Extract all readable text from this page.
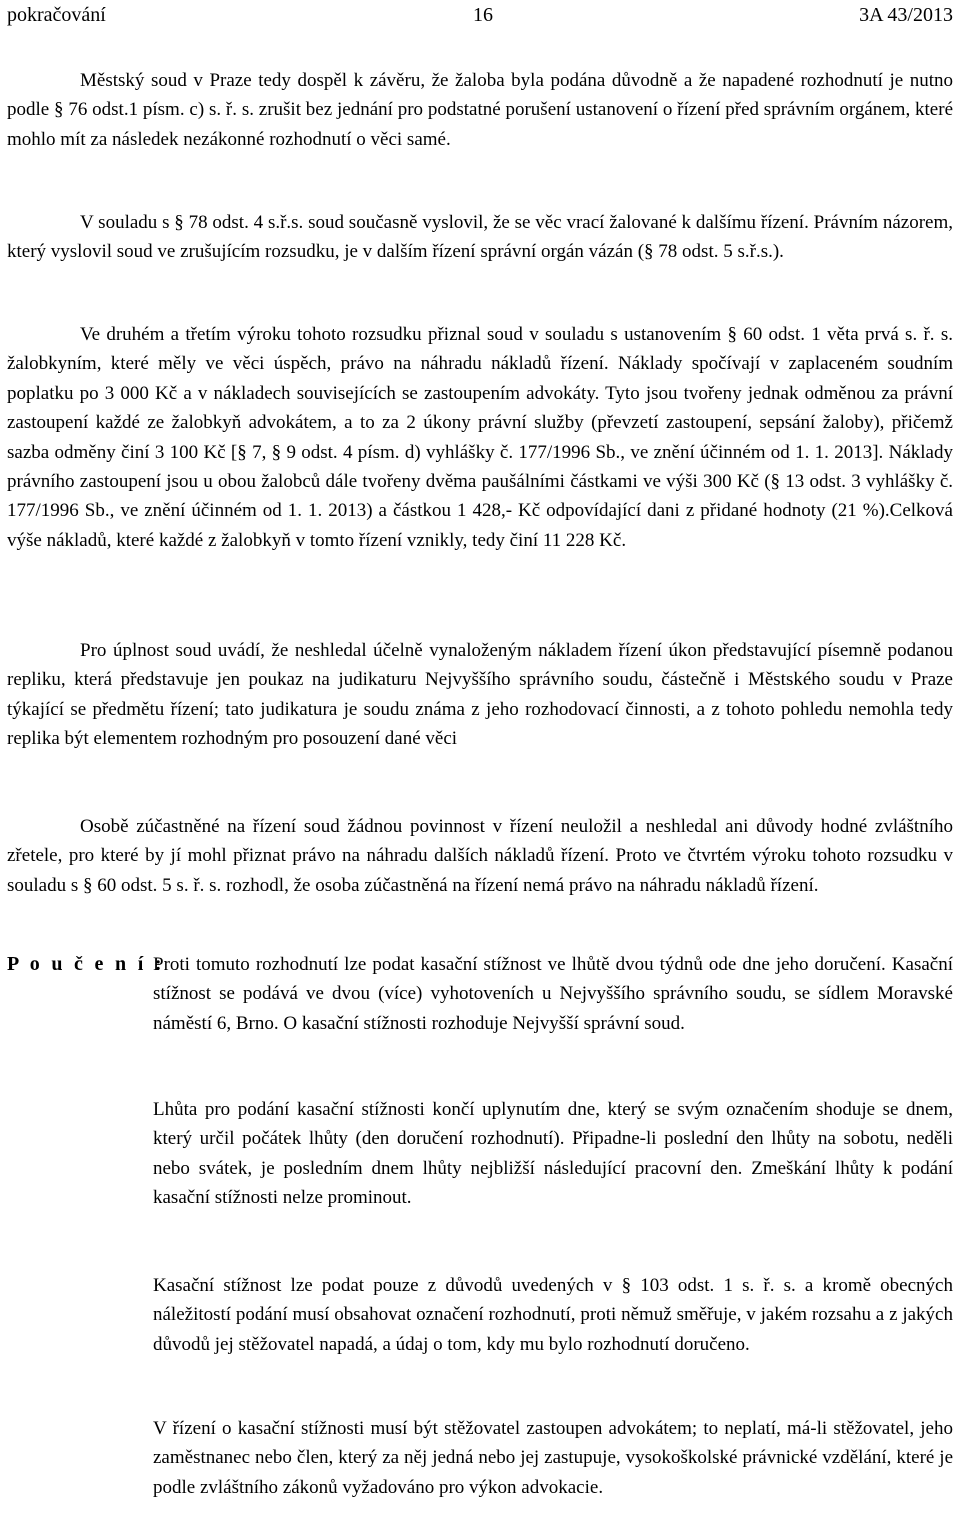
pokračování	16	3A 43/2013

Městský soud v Praze tedy dospěl k závěru, že žaloba byla podána důvodně a že napadené rozhodnutí je nutno podle § 76 odst.1 písm. c) s. ř. s. zrušit bez jednání pro podstatné porušení ustanovení o řízení před správním orgánem, které mohlo mít za následek nezákonné rozhodnutí o věci samé.

V souladu s § 78 odst. 4 s.ř.s. soud současně vyslovil, že se věc vrací žalované k dalšímu řízení. Právním názorem, který vyslovil soud ve zrušujícím rozsudku, je v dalším řízení správní orgán vázán (§ 78 odst. 5 s.ř.s.).

Ve druhém a třetím výroku tohoto rozsudku přiznal soud v souladu s ustanovením § 60 odst. 1 věta prvá s. ř. s. žalobkyním, které měly ve věci úspěch, právo na náhradu nákladů řízení. Náklady spočívají v zaplaceném soudním poplatku po 3 000 Kč a v nákladech souvisejících se zastoupením advokáty. Tyto jsou tvořeny jednak odměnou za právní zastoupení každé ze žalobkyň advokátem, a to za 2 úkony právní služby (převzetí zastoupení, sepsání žaloby), přičemž sazba odměny činí 3 100 Kč [§ 7, § 9 odst. 4 písm. d) vyhlášky č. 177/1996 Sb., ve znění účinném od 1. 1. 2013]. Náklady právního zastoupení jsou u obou žalobců dále tvořeny dvěma paušálními částkami ve výši 300 Kč (§ 13 odst. 3 vyhlášky č. 177/1996 Sb., ve znění účinném od 1. 1. 2013) a částkou 1 428,- Kč odpovídající dani z přidané hodnoty (21 %).Celková výše nákladů, které každé z žalobkyň v tomto řízení vznikly, tedy činí 11 228 Kč.

Pro úplnost soud uvádí, že neshledal účelně vynaloženým nákladem řízení úkon představující písemně podanou repliku, která představuje jen poukaz na judikaturu Nejvyššího správního soudu, částečně i Městského soudu v Praze týkající se předmětu řízení; tato judikatura je soudu známa z jeho rozhodovací činnosti, a z tohoto pohledu nemohla tedy replika být elementem rozhodným pro posouzení dané věci

Osobě zúčastněné na řízení soud žádnou povinnost v řízení neuložil a neshledal ani důvody hodné zvláštního zřetele, pro které by jí mohl přiznat právo na náhradu dalších nákladů řízení. Proto ve čtvrtém výroku tohoto rozsudku v souladu s § 60 odst. 5 s. ř. s. rozhodl, že osoba zúčastněná na řízení nemá právo na náhradu nákladů řízení.

P o u č e n í :

Proti tomuto rozhodnutí lze podat kasační stížnost ve lhůtě dvou týdnů ode dne jeho doručení. Kasační stížnost se podává ve dvou (více) vyhotoveních u Nejvyššího správního soudu, se sídlem Moravské náměstí 6, Brno. O kasační stížnosti rozhoduje Nejvyšší správní soud.

Lhůta pro podání kasační stížnosti končí uplynutím dne, který se svým označením shoduje se dnem, který určil počátek lhůty (den doručení rozhodnutí). Připadne-li poslední den lhůty na sobotu, neděli nebo svátek, je posledním dnem lhůty nejbližší následující pracovní den. Zmeškání lhůty k podání kasační stížnosti nelze prominout.

Kasační stížnost lze podat pouze z důvodů uvedených v § 103 odst. 1 s. ř. s. a kromě obecných náležitostí podání musí obsahovat označení rozhodnutí, proti němuž směřuje, v jakém rozsahu a z jakých důvodů jej stěžovatel napadá, a údaj o tom, kdy mu bylo rozhodnutí doručeno.

V řízení o kasační stížnosti musí být stěžovatel zastoupen advokátem; to neplatí, má-li stěžovatel, jeho zaměstnanec nebo člen, který za něj jedná nebo jej zastupuje, vysokoškolské právnické vzdělání, které je podle zvláštního zákonů vyžadováno pro výkon advokacie.
